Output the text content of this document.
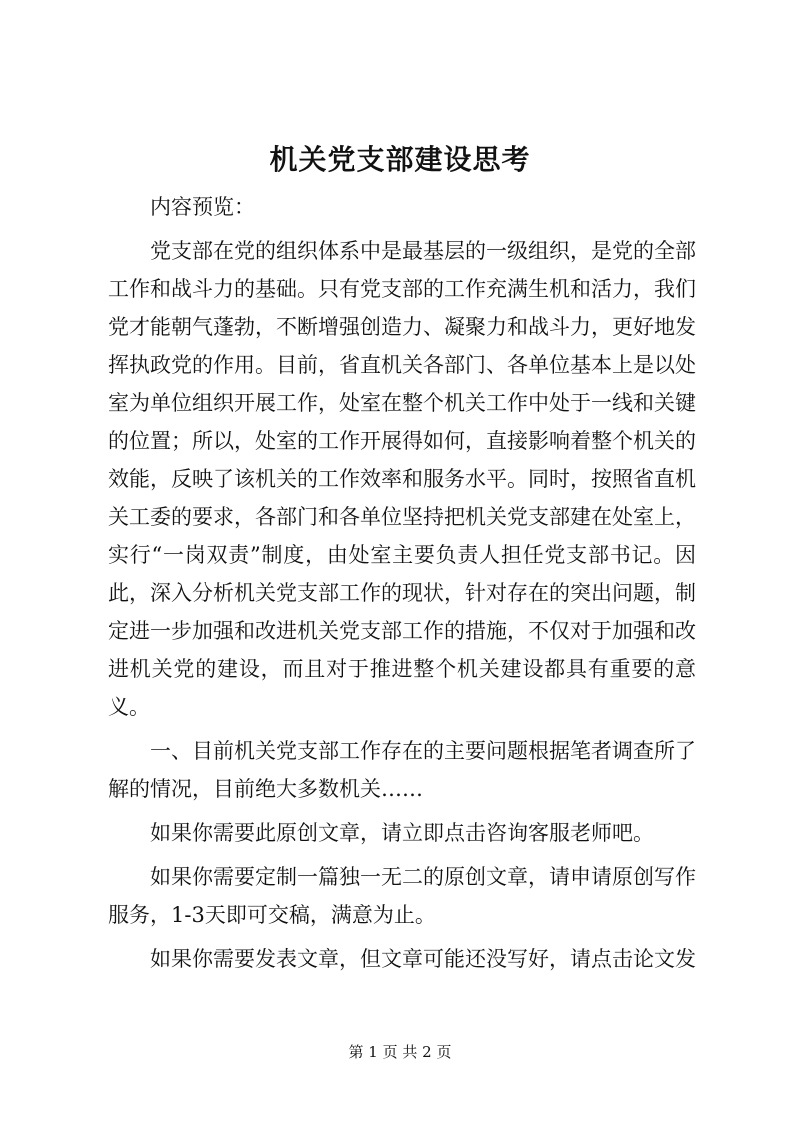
机关党支部建设思考

内容预览：

党支部在党的组织体系中是最基层的一级组织，是党的全部工作和战斗力的基础。只有党支部的工作充满生机和活力，我们党才能朝气蓬勃，不断增强创造力、凝聚力和战斗力，更好地发挥执政党的作用。目前，省直机关各部门、各单位基本上是以处室为单位组织开展工作，处室在整个机关工作中处于一线和关键的位置；所以，处室的工作开展得如何，直接影响着整个机关的效能，反映了该机关的工作效率和服务水平。同时，按照省直机关工委的要求，各部门和各单位坚持把机关党支部建在处室上，实行“一岗双责”制度，由处室主要负责人担任党支部书记。因此，深入分析机关党支部工作的现状，针对存在的突出问题，制定进一步加强和改进机关党支部工作的措施，不仅对于加强和改进机关党的建设，而且对于推进整个机关建设都具有重要的意义。

一、目前机关党支部工作存在的主要问题根据笔者调查所了解的情况，目前绝大多数机关……

如果你需要此原创文章，请立即点击咨询客服老师吧。

如果你需要定制一篇独一无二的原创文章，请申请原创写作服务，1-3天即可交稿，满意为止。

如果你需要发表文章，但文章可能还没写好，请点击论文发

第 1 页 共 2 页
